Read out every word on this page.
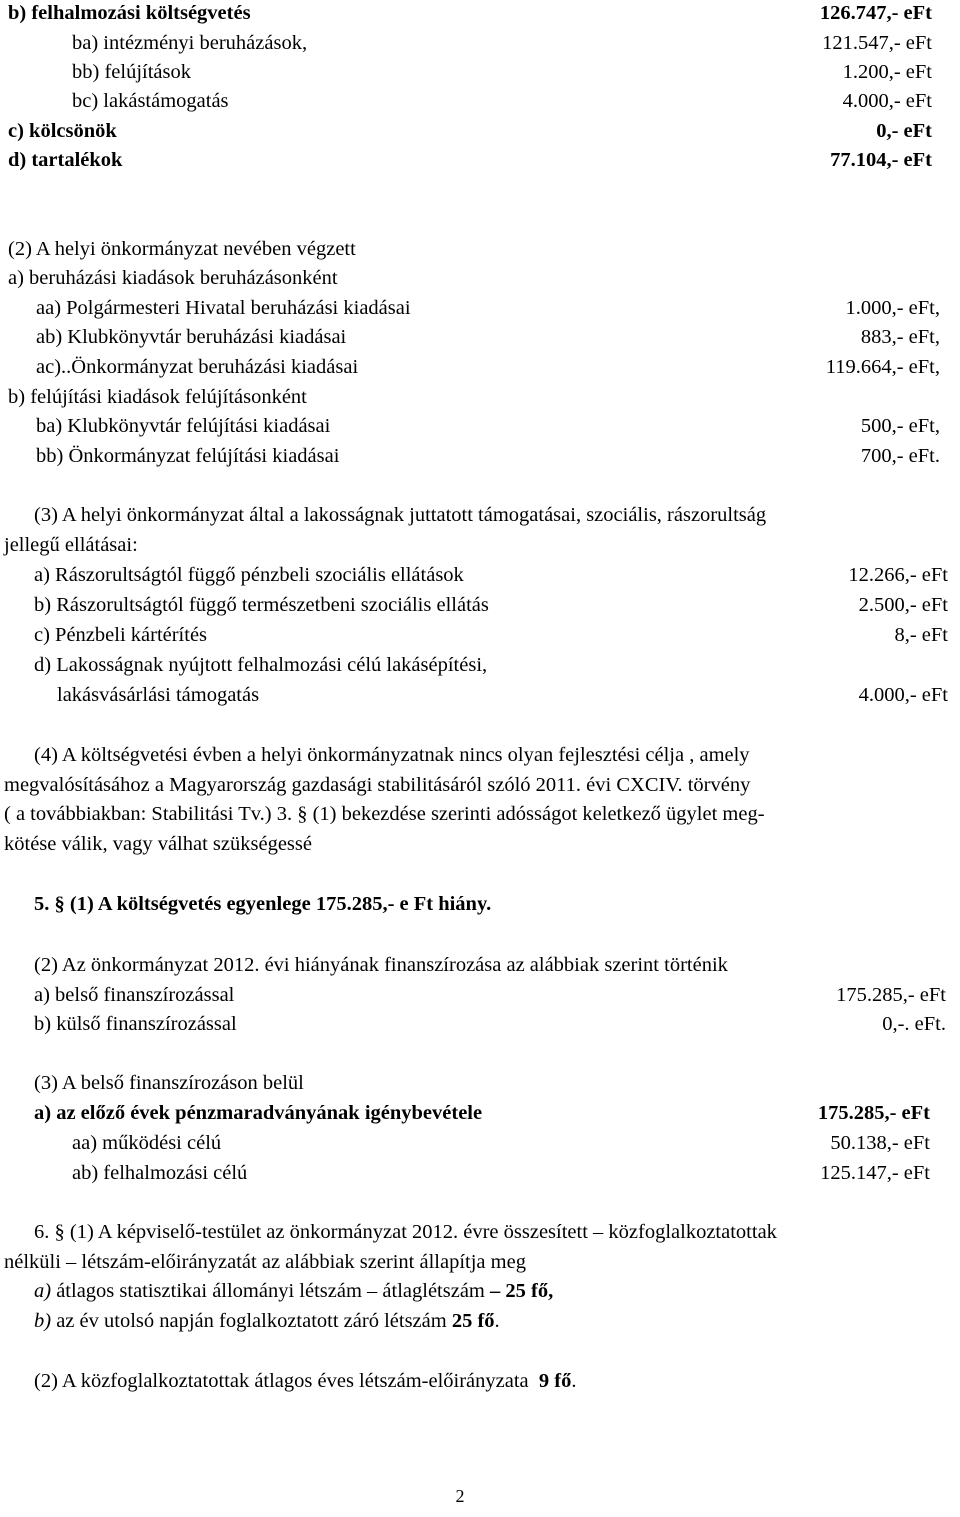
b) felhalmozási költségvetés	126.747,- eFt
ba) intézményi beruházások,	121.547,- eFt
bb) felújítások	1.200,- eFt
bc) lakástámogatás	4.000,- eFt
c) kölcsönök	0,- eFt
d) tartalékok	77.104,- eFt
(2) A helyi önkormányzat nevében végzett
a) beruházási kiadások beruházásonként
aa) Polgármesteri Hivatal beruházási kiadásai	1.000,- eFt,
ab) Klubkönyvtár beruházási kiadásai	883,- eFt,
ac)..Önkormányzat beruházási kiadásai	119.664,- eFt,
b) felújítási kiadások felújításonként
ba) Klubkönyvtár felújítási kiadásai	500,- eFt,
bb) Önkormányzat felújítási kiadásai	700,- eFt.
(3) A helyi önkormányzat által a lakosságnak juttatott támogatásai, szociális, rászorultság
jellegű ellátásai:
a) Rászorultságtól függő pénzbeli szociális ellátások	12.266,- eFt
b) Rászorultságtól függő természetbeni szociális ellátás	2.500,- eFt
c) Pénzbeli kártérítés	8,- eFt
d) Lakosságnak nyújtott felhalmozási célú lakásépítési,
lakásvásárlási támogatás	4.000,- eFt
(4) A költségvetési évben a helyi önkormányzatnak nincs olyan fejlesztési célja , amely
megvalósításához a Magyarország gazdasági stabilitásáról szóló 2011. évi CXCIV. törvény
( a továbbiakban: Stabilitási Tv.) 3. § (1) bekezdése szerinti adósságot keletkező ügylet meg-
kötése válik, vagy válhat szükségessé
5. § (1) A költségvetés egyenlege 175.285,- e Ft hiány.
(2) Az önkormányzat 2012. évi hiányának finanszírozása az alábbiak szerint történik
a) belső finanszírozással	175.285,- eFt
b) külső finanszírozással	0,-. eFt.
(3) A belső finanszírozáson belül
a) az előző évek pénzmaradványának igénybevétele	175.285,- eFt
aa) működési célú	50.138,- eFt
ab) felhalmozási célú	125.147,- eFt
6. § (1) A képviselő-testület az önkormányzat 2012. évre összesített – közfoglalkoztatottak
nélküli – létszám-előirányzatát az alábbiak szerint állapítja meg
a) átlagos statisztikai állományi létszám – átlaglétszám – 25 fő,
b) az év utolsó napján foglalkoztatott záró létszám 25 fő.
(2) A közfoglalkoztatottak átlagos éves létszám-előirányzata 9 fő.
2
